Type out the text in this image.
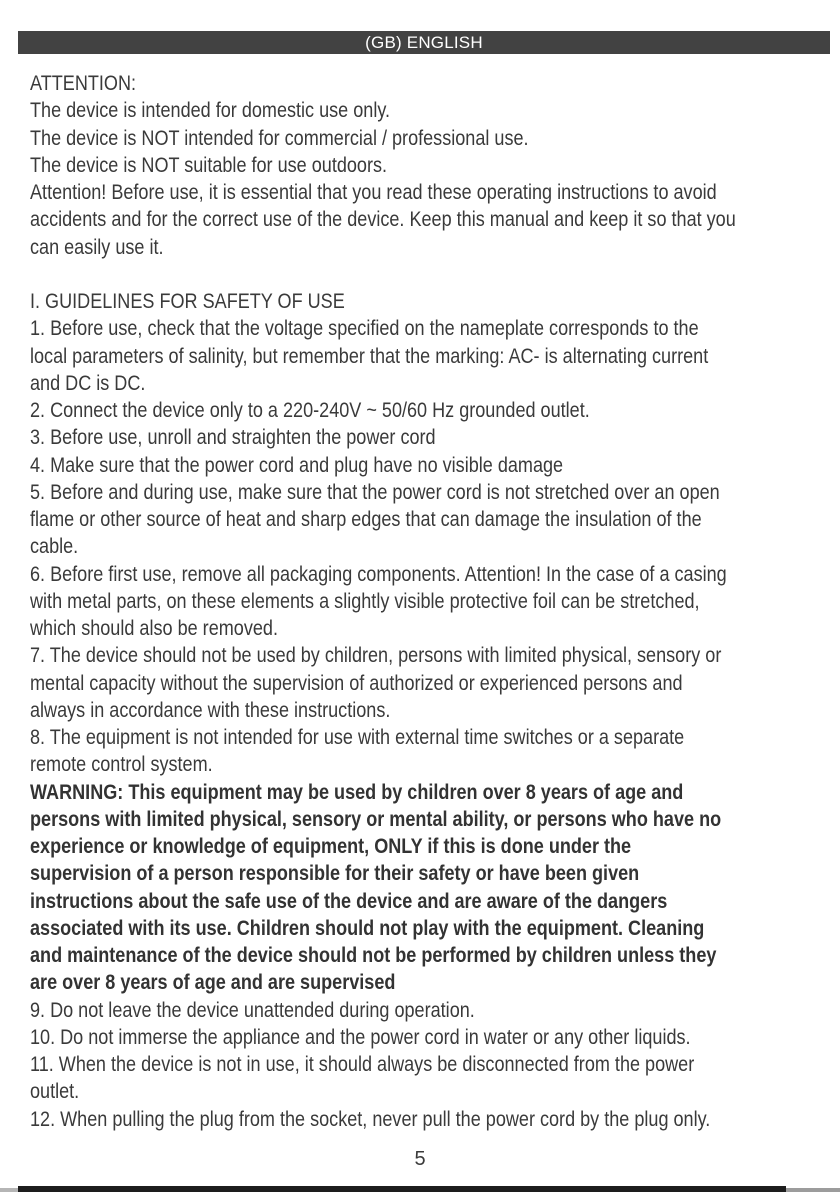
(GB) ENGLISH
ATTENTION:
The device is intended for domestic use only.
The device is NOT intended for commercial / professional use.
The device is NOT suitable for use outdoors.
Attention! Before use, it is essential that you read these operating instructions to avoid
accidents and for the correct use of the device. Keep this manual and keep it so that you
can easily use it.
I. GUIDELINES FOR SAFETY OF USE
1. Before use, check that the voltage specified on the nameplate corresponds to the
local parameters of salinity, but remember that the marking: AC- is alternating current
and DC is DC.
2. Connect the device only to a 220-240V ~ 50/60 Hz grounded outlet.
3. Before use, unroll and straighten the power cord
4. Make sure that the power cord and plug have no visible damage
5. Before and during use, make sure that the power cord is not stretched over an open
flame or other source of heat and sharp edges that can damage the insulation of the
cable.
6. Before first use, remove all packaging components. Attention! In the case of a casing
with metal parts, on these elements a slightly visible protective foil can be stretched,
which should also be removed.
7. The device should not be used by children, persons with limited physical, sensory or
mental capacity without the supervision of authorized or experienced persons and
always in accordance with these instructions.
8. The equipment is not intended for use with external time switches or a separate
remote control system.
WARNING: This equipment may be used by children over 8 years of age and
persons with limited physical, sensory or mental ability, or persons who have no
experience or knowledge of equipment, ONLY if this is done under the
supervision of a person responsible for their safety or have been given
instructions about the safe use of the device and are aware of the dangers
associated with its use. Children should not play with the equipment. Cleaning
and maintenance of the device should not be performed by children unless they
are over 8 years of age and are supervised
9. Do not leave the device unattended during operation.
10. Do not immerse the appliance and the power cord in water or any other liquids.
11. When the device is not in use, it should always be disconnected from the power
outlet.
12. When pulling the plug from the socket, never pull the power cord by the plug only.
5
